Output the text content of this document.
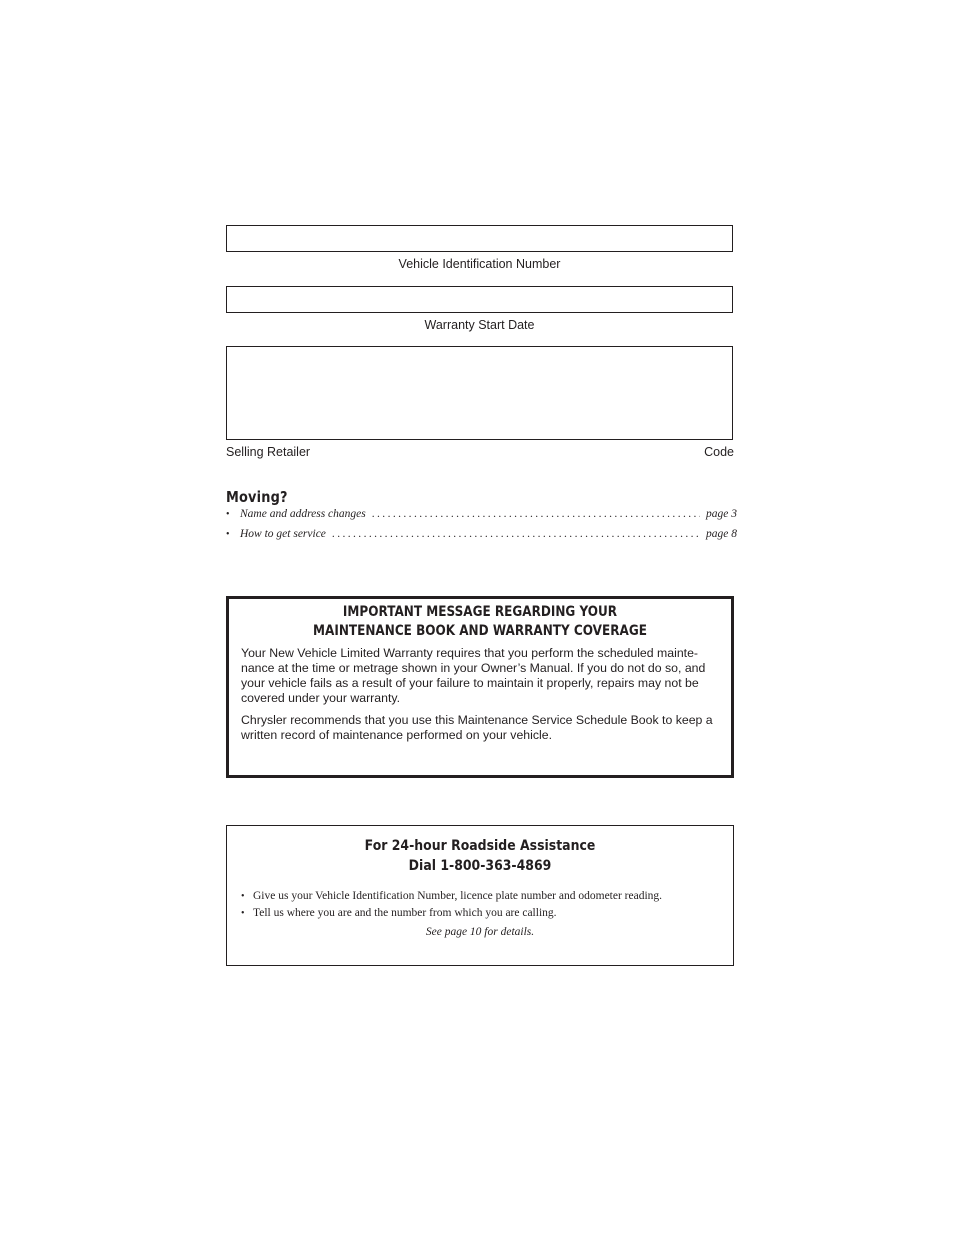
Vehicle Identification Number
Warranty Start Date
Selling Retailer	Code
Moving?
• Name and address changes .....	page 3
• How to get service .....	page 8
IMPORTANT MESSAGE REGARDING YOUR
MAINTENANCE BOOK AND WARRANTY COVERAGE

Your New Vehicle Limited Warranty requires that you perform the scheduled mainte-nance at the time or metrage shown in your Owner’s Manual. If you do not do so, and your vehicle fails as a result of your failure to maintain it properly, repairs may not be covered under your warranty.

Chrysler recommends that you use this Maintenance Service Schedule Book to keep a written record of maintenance performed on your vehicle.

For 24-hour Roadside Assistance
Dial 1-800-363-4869
• Give us your Vehicle Identification Number, licence plate number and odometer reading.
• Tell us where you are and the number from which you are calling.

See page 10 for details.
